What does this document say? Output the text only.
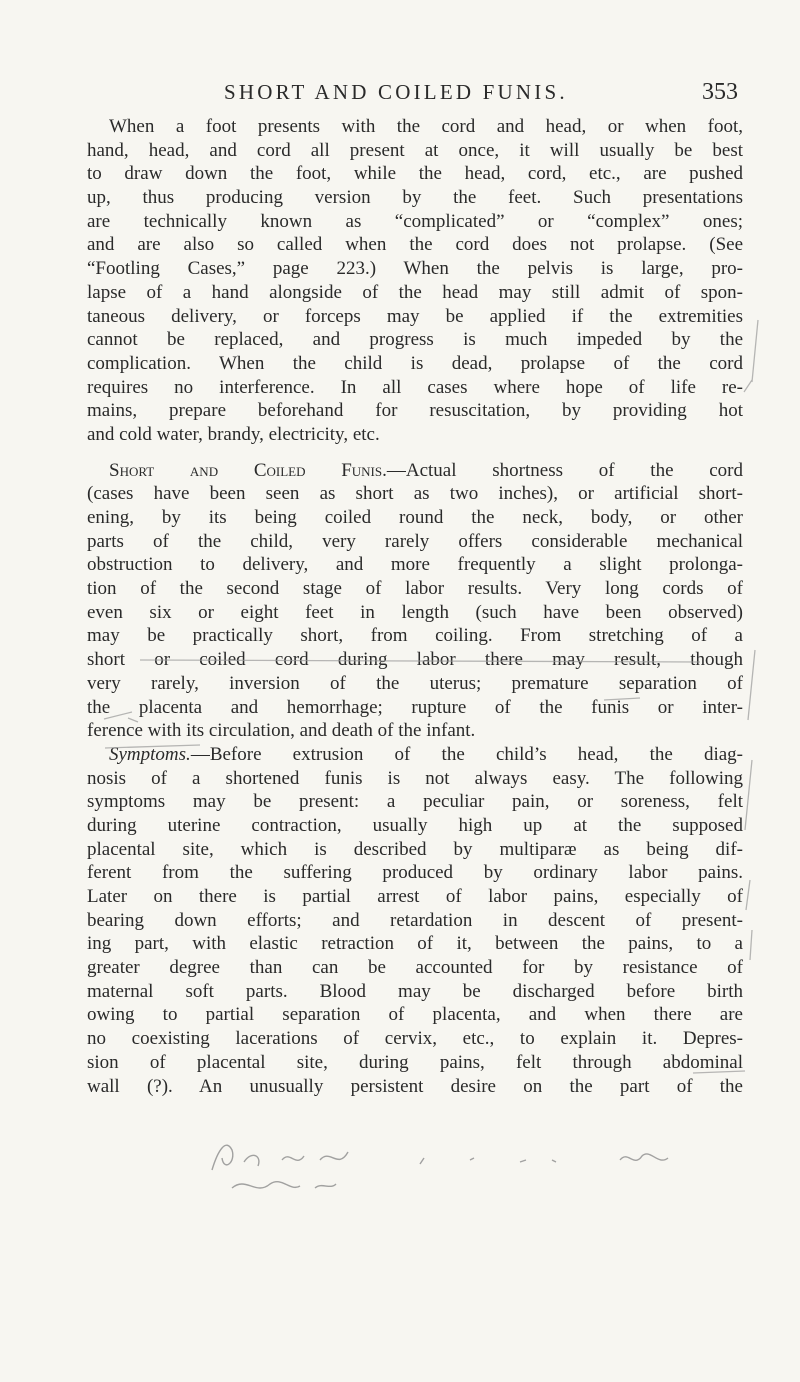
SHORT AND COILED FUNIS.	353
When a foot presents with the cord and head, or when foot,
hand, head, and cord all present at once, it will usually be best
to draw down the foot, while the head, cord, etc., are pushed
up, thus producing version by the feet. Such presentations
are technically known as “complicated” or “complex” ones;
and are also so called when the cord does not prolapse. (See
“Footling Cases,” page 223.) When the pelvis is large, pro-
lapse of a hand alongside of the head may still admit of spon-
taneous delivery, or forceps may be applied if the extremities
cannot be replaced, and progress is much impeded by the
complication. When the child is dead, prolapse of the cord
requires no interference. In all cases where hope of life re-
mains, prepare beforehand for resuscitation, by providing hot
and cold water, brandy, electricity, etc.
Short and Coiled Funis.—Actual shortness of the cord
(cases have been seen as short as two inches), or artificial short-
ening, by its being coiled round the neck, body, or other
parts of the child, very rarely offers considerable mechanical
obstruction to delivery, and more frequently a slight prolonga-
tion of the second stage of labor results. Very long cords of
even six or eight feet in length (such have been observed)
may be practically short, from coiling. From stretching of a
short or coiled cord during labor there may result, though
very rarely, inversion of the uterus; premature separation of
the placenta and hemorrhage; rupture of the funis or inter-
ference with its circulation, and death of the infant.
Symptoms.—Before extrusion of the child’s head, the diag-
nosis of a shortened funis is not always easy. The following
symptoms may be present: a peculiar pain, or soreness, felt
during uterine contraction, usually high up at the supposed
placental site, which is described by multiparæ as being dif-
ferent from the suffering produced by ordinary labor pains.
Later on there is partial arrest of labor pains, especially of
bearing down efforts; and retardation in descent of present-
ing part, with elastic retraction of it, between the pains, to a
greater degree than can be accounted for by resistance of
maternal soft parts. Blood may be discharged before birth
owing to partial separation of placenta, and when there are
no coexisting lacerations of cervix, etc., to explain it. Depres-
sion of placental site, during pains, felt through abdominal
wall (?). An unusually persistent desire on the part of the
